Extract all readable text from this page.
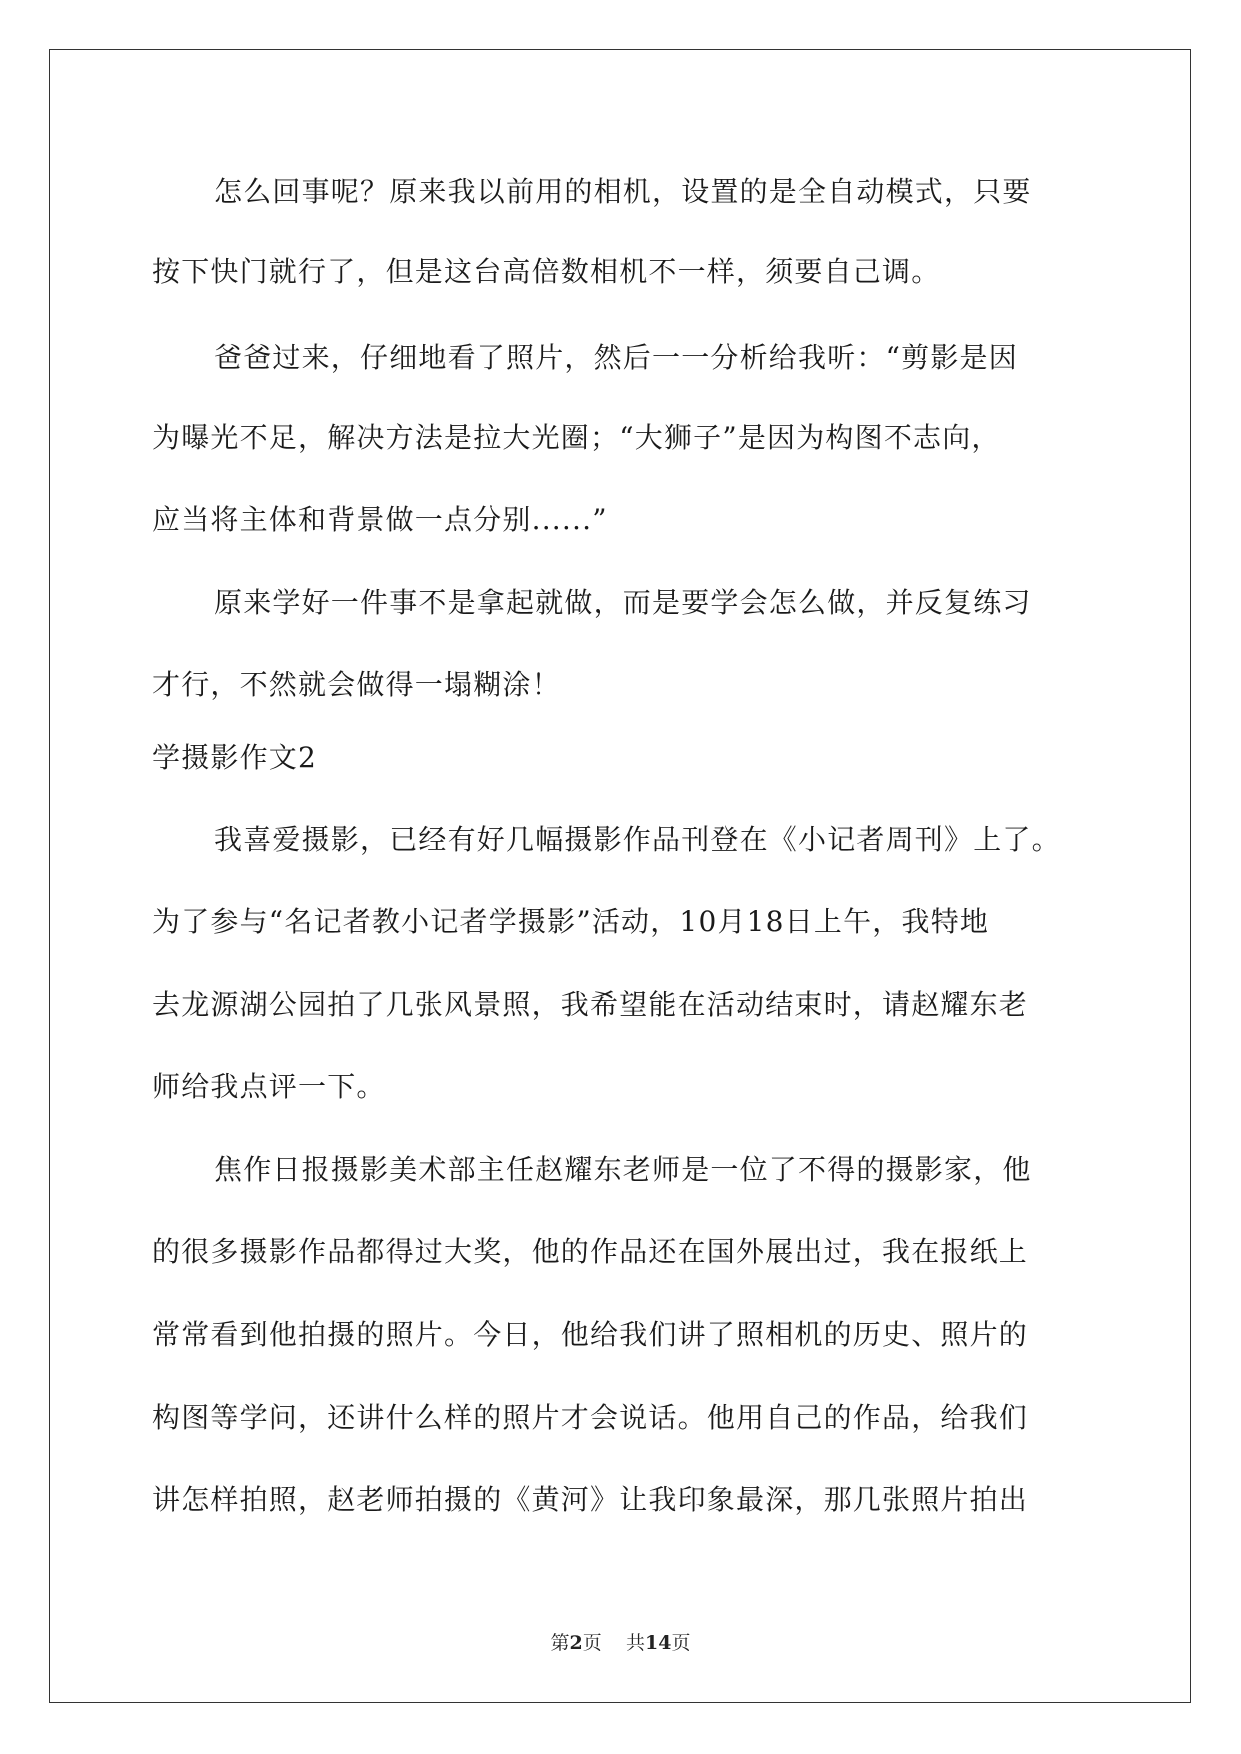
怎么回事呢？原来我以前用的相机，设置的是全自动模式，只要
按下快门就行了，但是这台高倍数相机不一样，须要自己调。
爸爸过来，仔细地看了照片，然后一一分析给我听：“剪影是因
为曝光不足，解决方法是拉大光圈；“大狮子”是因为构图不志向，
应当将主体和背景做一点分别......”
原来学好一件事不是拿起就做，而是要学会怎么做，并反复练习
才行，不然就会做得一塌糊涂！
学摄影作文2
我喜爱摄影，已经有好几幅摄影作品刊登在《小记者周刊》上了。
为了参与“名记者教小记者学摄影”活动，10月18日上午，我特地
去龙源湖公园拍了几张风景照，我希望能在活动结束时，请赵耀东老
师给我点评一下。
焦作日报摄影美术部主任赵耀东老师是一位了不得的摄影家，他
的很多摄影作品都得过大奖，他的作品还在国外展出过，我在报纸上
常常看到他拍摄的照片。今日，他给我们讲了照相机的历史、照片的
构图等学问，还讲什么样的照片才会说话。他用自己的作品，给我们
讲怎样拍照，赵老师拍摄的《黄河》让我印象最深，那几张照片拍出
第2页 共14页
